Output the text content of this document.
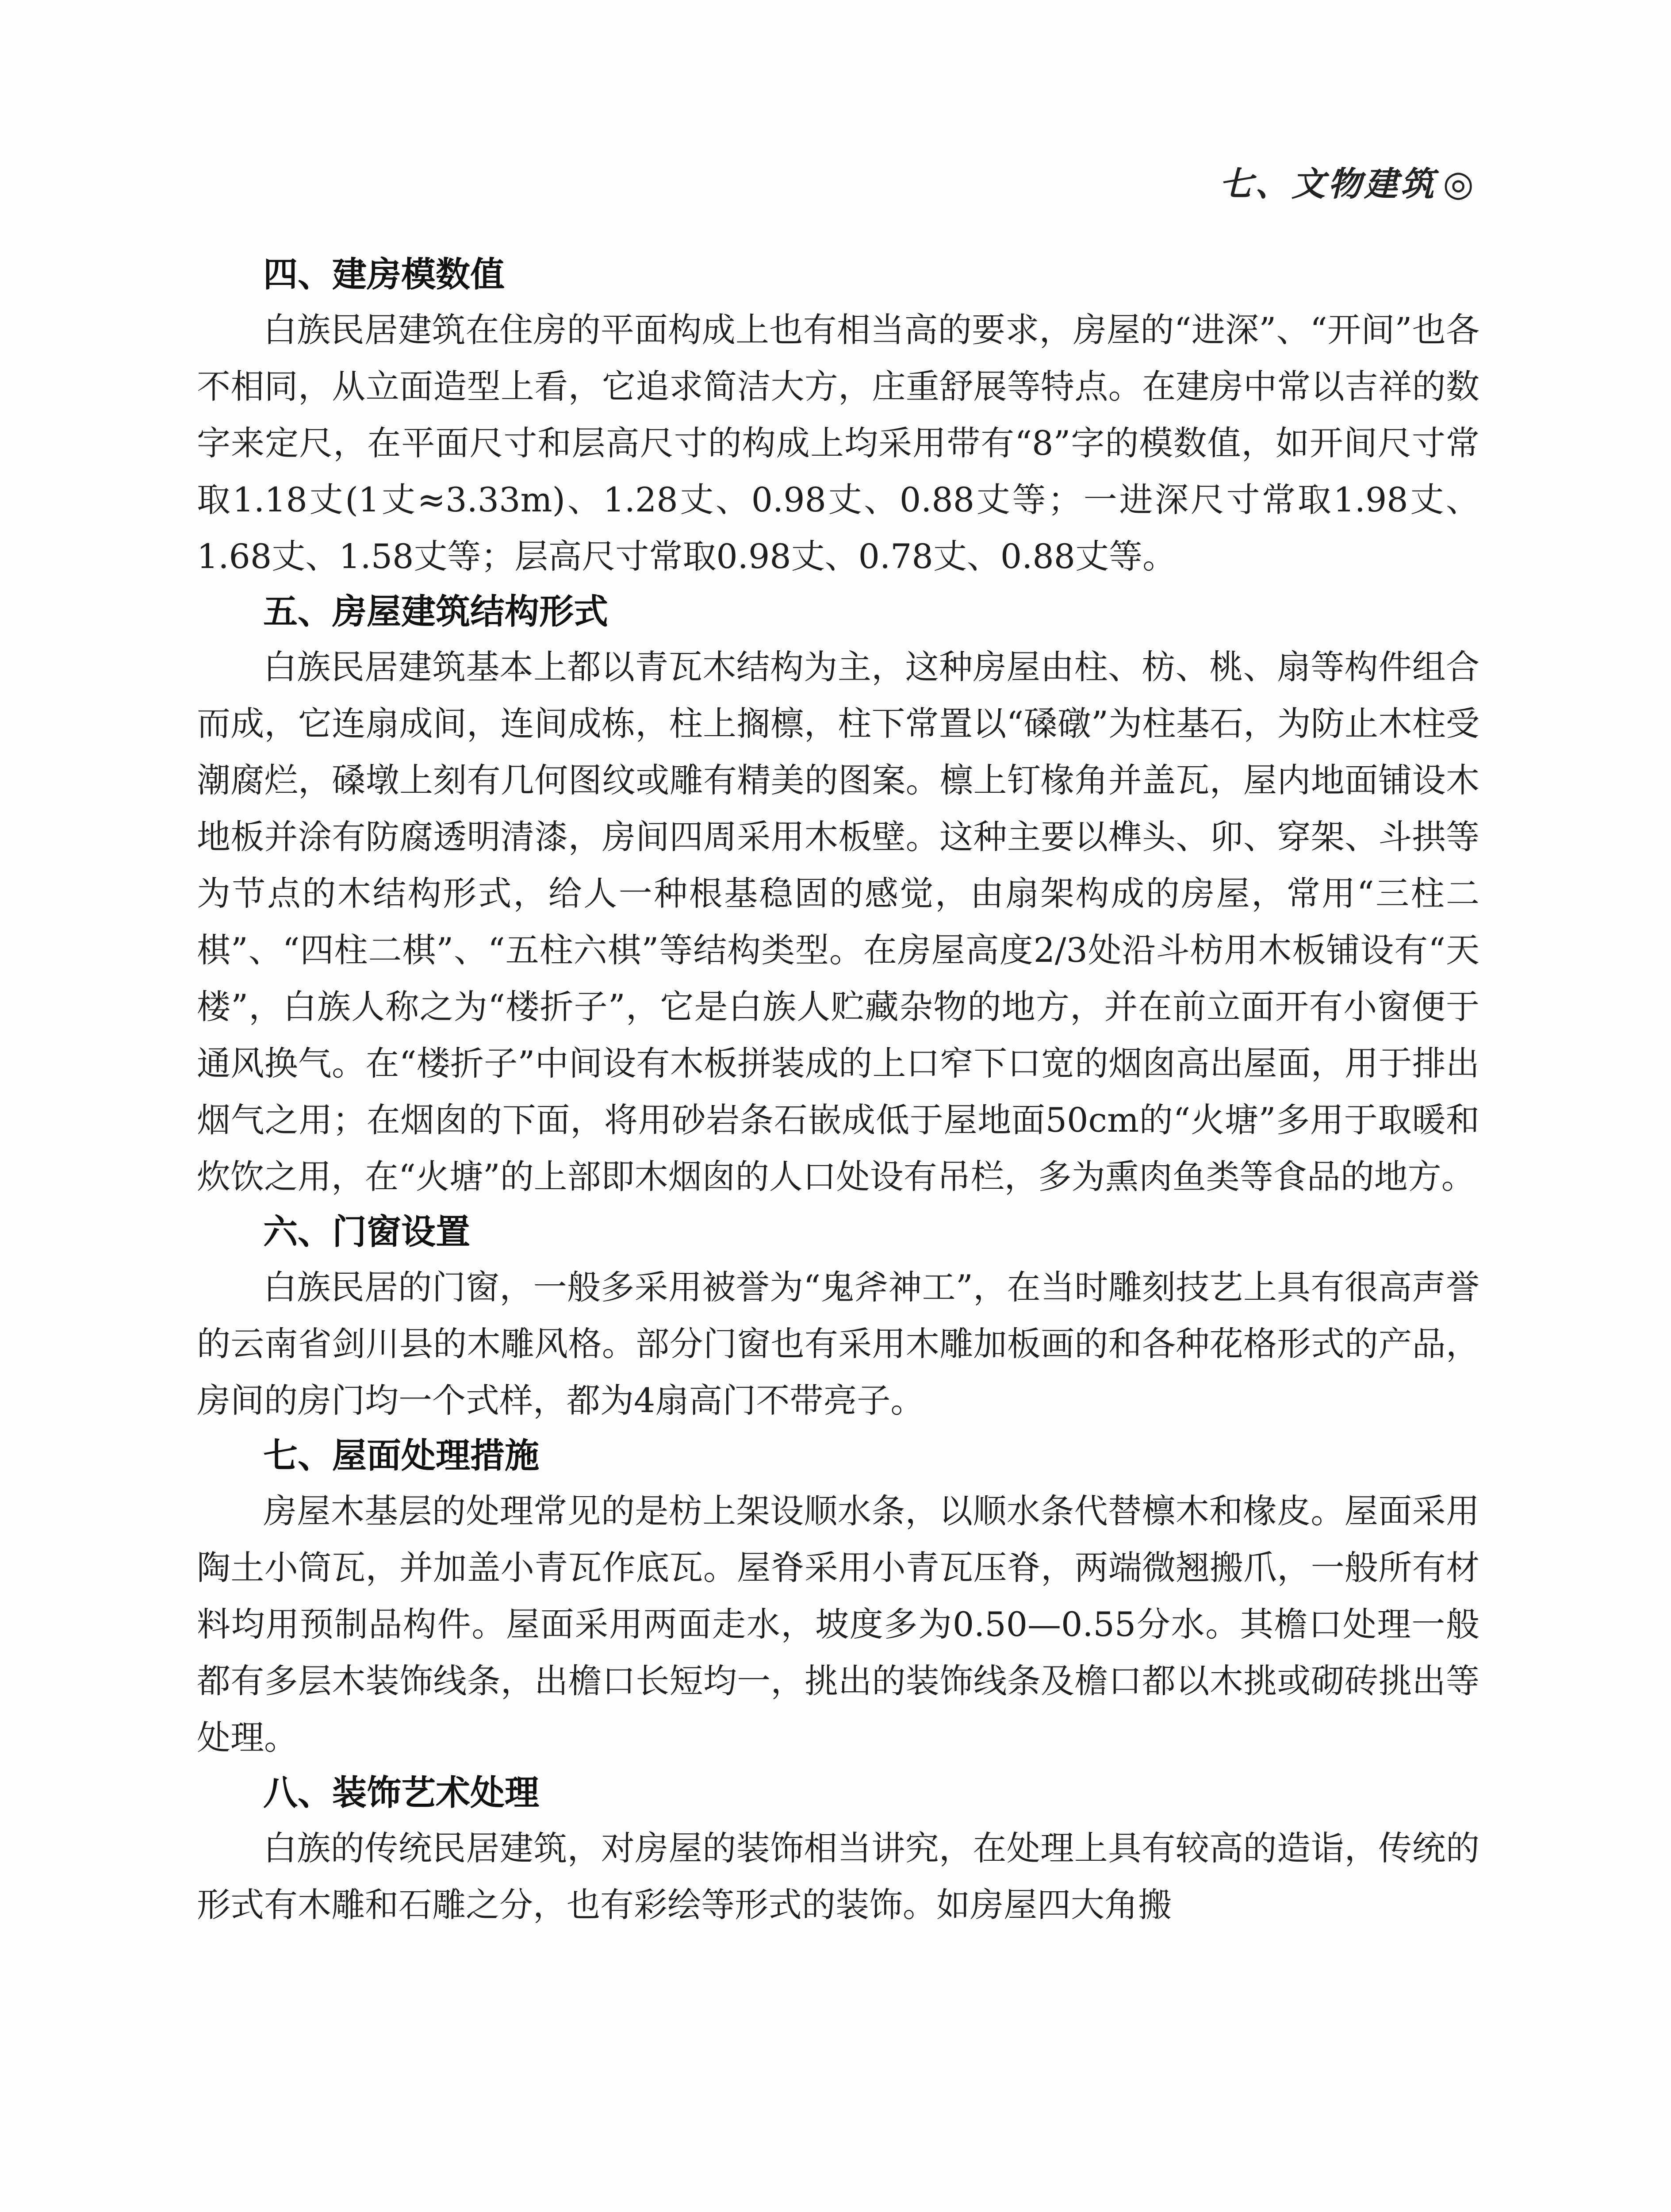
七、文物建筑 ◎
四、建房模数值

白族民居建筑在住房的平面构成上也有相当高的要求，房屋的“进深”、“开间”也各不相同，从立面造型上看，它追求简洁大方，庄重舒展等特点。在建房中常以吉祥的数字来定尺，在平面尺寸和层高尺寸的构成上均采用带有“8”字的模数值，如开间尺寸常取1.18丈(1丈≈3.33m)、1.28丈、0.98丈、0.88丈等；一进深尺寸常取1.98丈、1.68丈、1.58丈等；层高尺寸常取0.98丈、0.78丈、0.88丈等。

五、房屋建筑结构形式

白族民居建筑基本上都以青瓦木结构为主，这种房屋由柱、枋、桃、扇等构件组合而成，它连扇成间，连间成栋，柱上搁檩，柱下常置以“磉礅”为柱基石，为防止木柱受潮腐烂，磉墩上刻有几何图纹或雕有精美的图案。檩上钉椽角并盖瓦，屋内地面铺设木地板并涂有防腐透明清漆，房间四周采用木板壁。这种主要以榫头、卯、穿架、斗拱等为节点的木结构形式，给人一种根基稳固的感觉，由扇架构成的房屋，常用“三柱二棋”、“四柱二棋”、“五柱六棋”等结构类型。在房屋高度2/3处沿斗枋用木板铺设有“天楼”，白族人称之为“楼折子”，它是白族人贮藏杂物的地方，并在前立面开有小窗便于通风换气。在“楼折子”中间设有木板拼装成的上口窄下口宽的烟囱高出屋面，用于排出烟气之用；在烟囱的下面，将用砂岩条石嵌成低于屋地面50cm的“火塘”多用于取暖和炊饮之用，在“火塘”的上部即木烟囱的人口处设有吊栏，多为熏肉鱼类等食品的地方。

六、门窗设置

白族民居的门窗，一般多采用被誉为“鬼斧神工”，在当时雕刻技艺上具有很高声誉的云南省剑川县的木雕风格。部分门窗也有采用木雕加板画的和各种花格形式的产品，房间的房门均一个式样，都为4扇高门不带亮子。

七、屋面处理措施

房屋木基层的处理常见的是枋上架设顺水条，以顺水条代替檩木和椽皮。屋面采用陶土小筒瓦，并加盖小青瓦作底瓦。屋脊采用小青瓦压脊，两端微翘搬爪，一般所有材料均用预制品构件。屋面采用两面走水，坡度多为0.50—0.55分水。其檐口处理一般都有多层木装饰线条，出檐口长短均一，挑出的装饰线条及檐口都以木挑或砌砖挑出等处理。

八、装饰艺术处理

白族的传统民居建筑，对房屋的装饰相当讲究，在处理上具有较高的造诣，传统的形式有木雕和石雕之分，也有彩绘等形式的装饰。如房屋四大角搬
